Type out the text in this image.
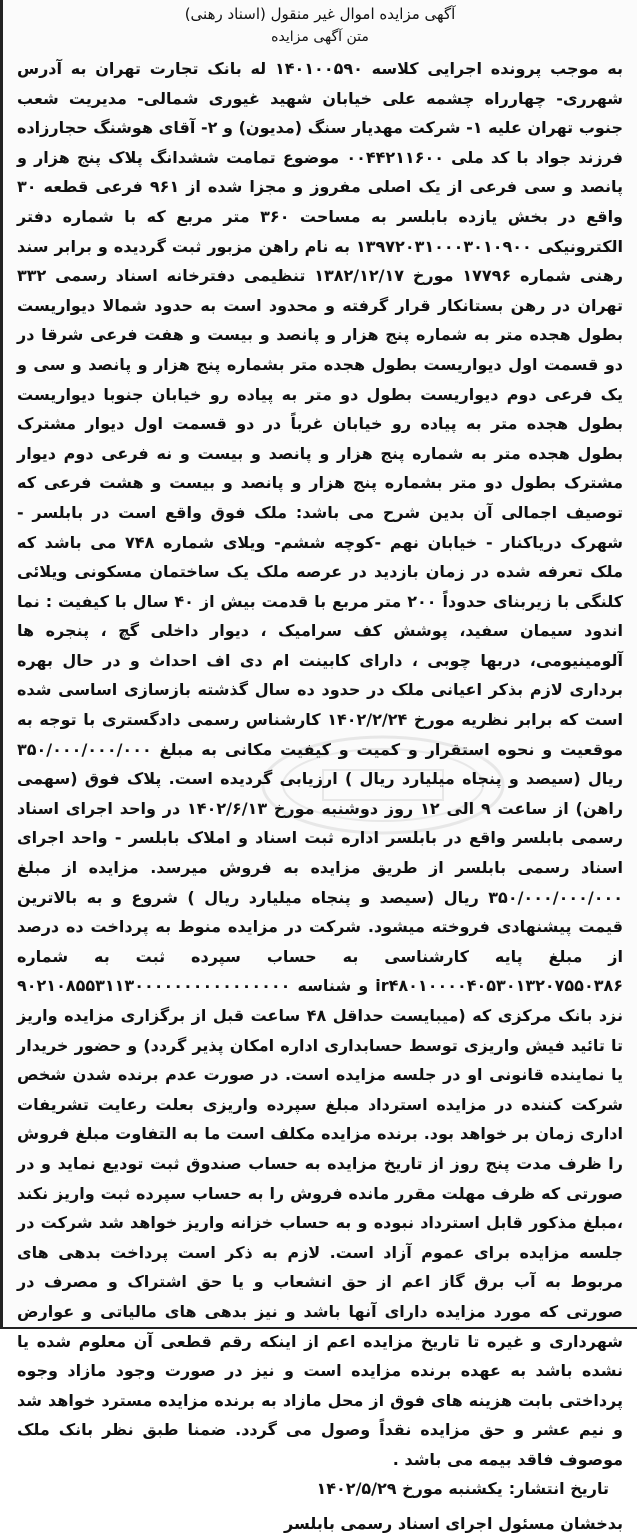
آگهی مزایده اموال غیر منقول (اسناد رهنی)
متن آگهی مزایده

به موجب پرونده اجرایی کلاسه ۱۴۰۱۰۰۵۹۰ له بانک تجارت تهران به آدرس شهرری- چهارراه چشمه علی خیابان شهید غیوری شمالی- مدیریت شعب جنوب تهران علیه ۱- شرکت مهدیار سنگ (مدیون) و ۲- آقای هوشنگ حجارزاده فرزند جواد با کد ملی ۰۰۴۴۲۱۱۶۰۰ موضوع تمامت ششدانگ پلاک پنج هزار و پانصد و سی فرعی از یک اصلی مفروز و مجزا شده از ۹۶۱ فرعی قطعه ۳۰ واقع در بخش یازده بابلسر به مساحت ۳۶۰ متر مربع که با شماره دفتر الکترونیکی ۱۳۹۷۲۰۳۱۰۰۰۳۰۱۰۹۰۰ به نام راهن مزبور ثبت گردیده و برابر سند رهنی شماره ۱۷۷۹۶ مورخ ۱۳۸۲/۱۲/۱۷ تنظیمی دفترخانه اسناد رسمی ۳۳۲ تهران در رهن بستانکار قرار گرفته و محدود است به حدود شمالا دیواریست بطول هجده متر به شماره پنج هزار و پانصد و بیست و هفت فرعی شرقا در دو قسمت اول دیواریست بطول هجده متر بشماره پنج هزار و پانصد و سی و یک فرعی دوم دیواریست بطول دو متر به پیاده رو خیابان جنوبا دیواریست بطول هجده متر به پیاده رو خیابان غرباً در دو قسمت اول دیوار مشترک بطول هجده متر به شماره پنج هزار و پانصد و بیست و نه فرعی دوم دیوار مشترک بطول دو متر بشماره پنج هزار و پانصد و بیست و هشت فرعی که توصیف اجمالی آن بدین شرح می باشد: ملک فوق واقع است در بابلسر - شهرک دریاکنار - خیابان نهم -کوچه ششم- ویلای شماره ۷۴۸ می باشد که ملک تعرفه شده در زمان بازدید در عرصه ملک یک ساختمان مسکونی ویلائی کلنگی با زیربنای حدوداً ۲۰۰ متر مربع با قدمت بیش از ۴۰ سال با کیفیت : نما اندود سیمان سفید، پوشش کف سرامیک ، دیوار داخلی گچ ، پنجره ها آلومینیومی، دربها چوبی ، دارای کابینت ام دی اف احداث و در حال بهره برداری لازم بذکر اعیانی ملک در حدود ده سال گذشته بازسازی اساسی شده است که برابر نظریه مورخ ۱۴۰۲/۲/۲۴ کارشناس رسمی دادگستری با توجه به موقعیت و نحوه استقرار و کمیت و کیفیت مکانی به مبلغ ۳۵۰/۰۰۰/۰۰۰/۰۰۰ ریال (سیصد و پنجاه میلیارد ریال ) ارزیابی گردیده است. پلاک فوق (سهمی راهن) از ساعت ۹ الی ۱۲ روز دوشنبه مورخ ۱۴۰۲/۶/۱۳ در واحد اجرای اسناد رسمی بابلسر واقع در بابلسر اداره ثبت اسناد و املاک بابلسر - واحد اجرای اسناد رسمی بابلسر از طریق مزایده به فروش میرسد. مزایده از مبلغ ۳۵۰/۰۰۰/۰۰۰/۰۰۰ ریال (سیصد و پنجاه میلیارد ریال ) شروع و به بالاترین قیمت پیشنهادی فروخته میشود. شرکت در مزایده منوط به پرداخت ده درصد از مبلغ پایه کارشناسی به حساب سپرده ثبت به شماره ir۴۸۰۱۰۰۰۰۴۰۵۳۰۱۳۲۰۷۵۵۰۳۸۶ و شناسه ۹۰۲۱۰۸۵۵۳۱۱۳۰۰۰۰۰۰۰۰۰۰۰۰۰۰۰۰ نزد بانک مرکزی که (میبایست حداقل ۴۸ ساعت قبل از برگزاری مزایده واریز تا تائید فیش واریزی توسط حسابداری اداره امکان پذیر گردد) و حضور خریدار یا نماینده قانونی او در جلسه مزایده است. در صورت عدم برنده شدن شخص شرکت کننده در مزایده استرداد مبلغ سپرده واریزی بعلت رعایت تشریفات اداری زمان بر خواهد بود. برنده مزایده مکلف است ما به التفاوت مبلغ فروش را ظرف مدت پنج روز از تاریخ مزایده به حساب صندوق ثبت تودیع نماید و در صورتی که ظرف مهلت مقرر مانده فروش را به حساب سپرده ثبت واریز نکند ،مبلغ مذکور قابل استرداد نبوده و به حساب خزانه واریز خواهد شد شرکت در جلسه مزایده برای عموم آزاد است. لازم به ذکر است پرداخت بدهی های مربوط به آب برق گاز اعم از حق انشعاب و یا حق اشتراک و مصرف در صورتی که مورد مزایده دارای آنها باشد و نیز بدهی های مالیاتی و عوارض شهرداری و غیره تا تاریخ مزایده اعم از اینکه رقم قطعی آن معلوم شده یا نشده باشد به عهده برنده مزایده است و نیز در صورت وجود مازاد وجوه پرداختی بابت هزینه های فوق از محل مازاد به برنده مزایده مسترد خواهد شد و نیم عشر و حق مزایده نقداً وصول می گردد. ضمنا طبق نظر بانک ملک موصوف فاقد بیمه می باشد .

تاریخ انتشار:یکشنبه مورخ ۱۴۰۲/۵/۲۹

بدخشان مسئول اجرای اسناد رسمی بابلسر
